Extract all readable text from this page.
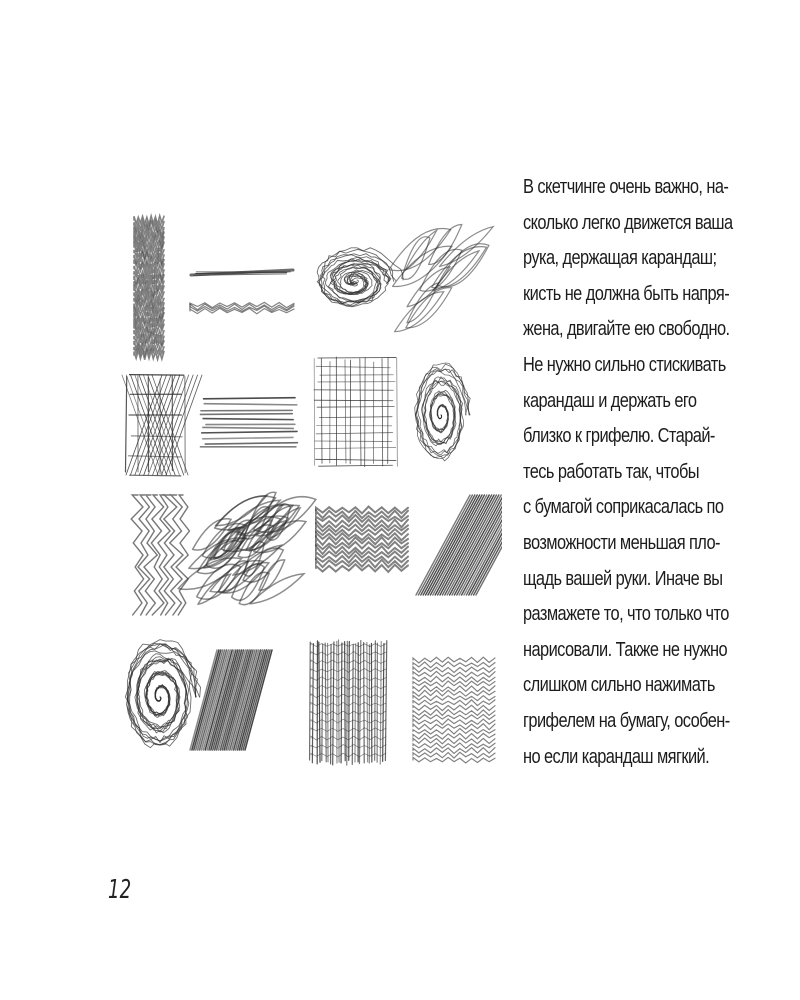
В скетчинге очень важно, на-
сколько легко движется ваша
рука, держащая карандаш;
кисть не должна быть напря-
жена, двигайте ею свободно.
Не нужно сильно стискивать
карандаш и держать его
близко к грифелю. Старай-
тесь работать так, чтобы
с бумагой соприкасалась по
возможности меньшая пло-
щадь вашей руки. Иначе вы
размажете то, что только что
нарисовали. Также не нужно
слишком сильно нажимать
грифелем на бумагу, особен-
но если карандаш мягкий.
12
